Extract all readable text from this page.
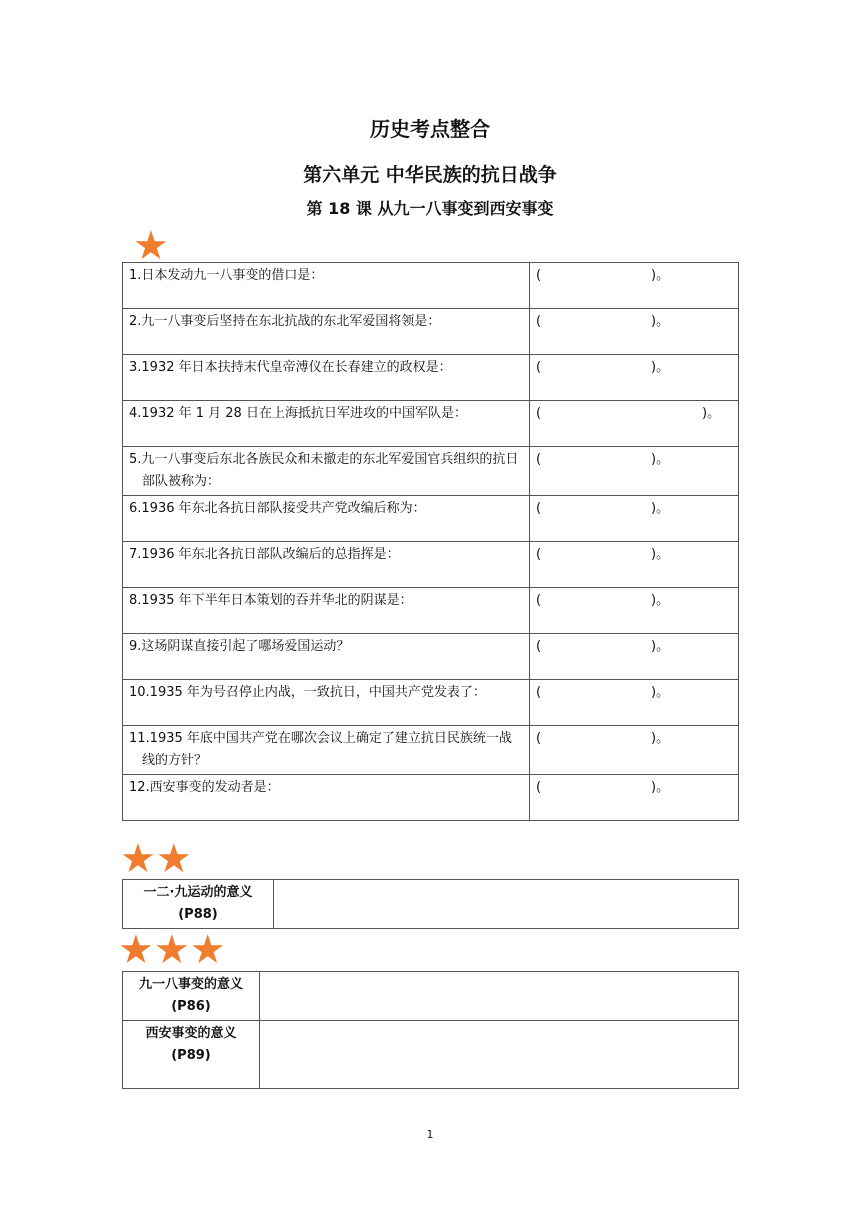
历史考点整合
第六单元 中华民族的抗日战争
第 18 课 从九一八事变到西安事变
★
1.日本发动九一八事变的借口是：	( )。

2.九一八事变后坚持在东北抗战的东北军爱国将领是：	( )。

3.1932 年日本扶持末代皇帝溥仪在长春建立的政权是：	( )。

4.1932 年 1 月 28 日在上海抵抗日军进攻的中国军队是：	( )。

5.九一八事变后东北各族民众和未撤走的东北军爱国官兵组织的抗日部队被称为：	( )。

6.1936 年东北各抗日部队接受共产党改编后称为：	( )。

7.1936 年东北各抗日部队改编后的总指挥是：	( )。

8.1935 年下半年日本策划的吞并华北的阴谋是：	( )。

9.这场阴谋直接引起了哪场爱国运动？	( )。

10.1935 年为号召停止内战，一致抗日，中国共产党发表了：	( )。

11.1935 年底中国共产党在哪次会议上确定了建立抗日民族统一战线的方针？	( )。

12.西安事变的发动者是：	( )。
★★
一二·九运动的意义
(P88)

★★★
九一八事变的意义
(P86)	

西安事变的意义
(P89)	

1
